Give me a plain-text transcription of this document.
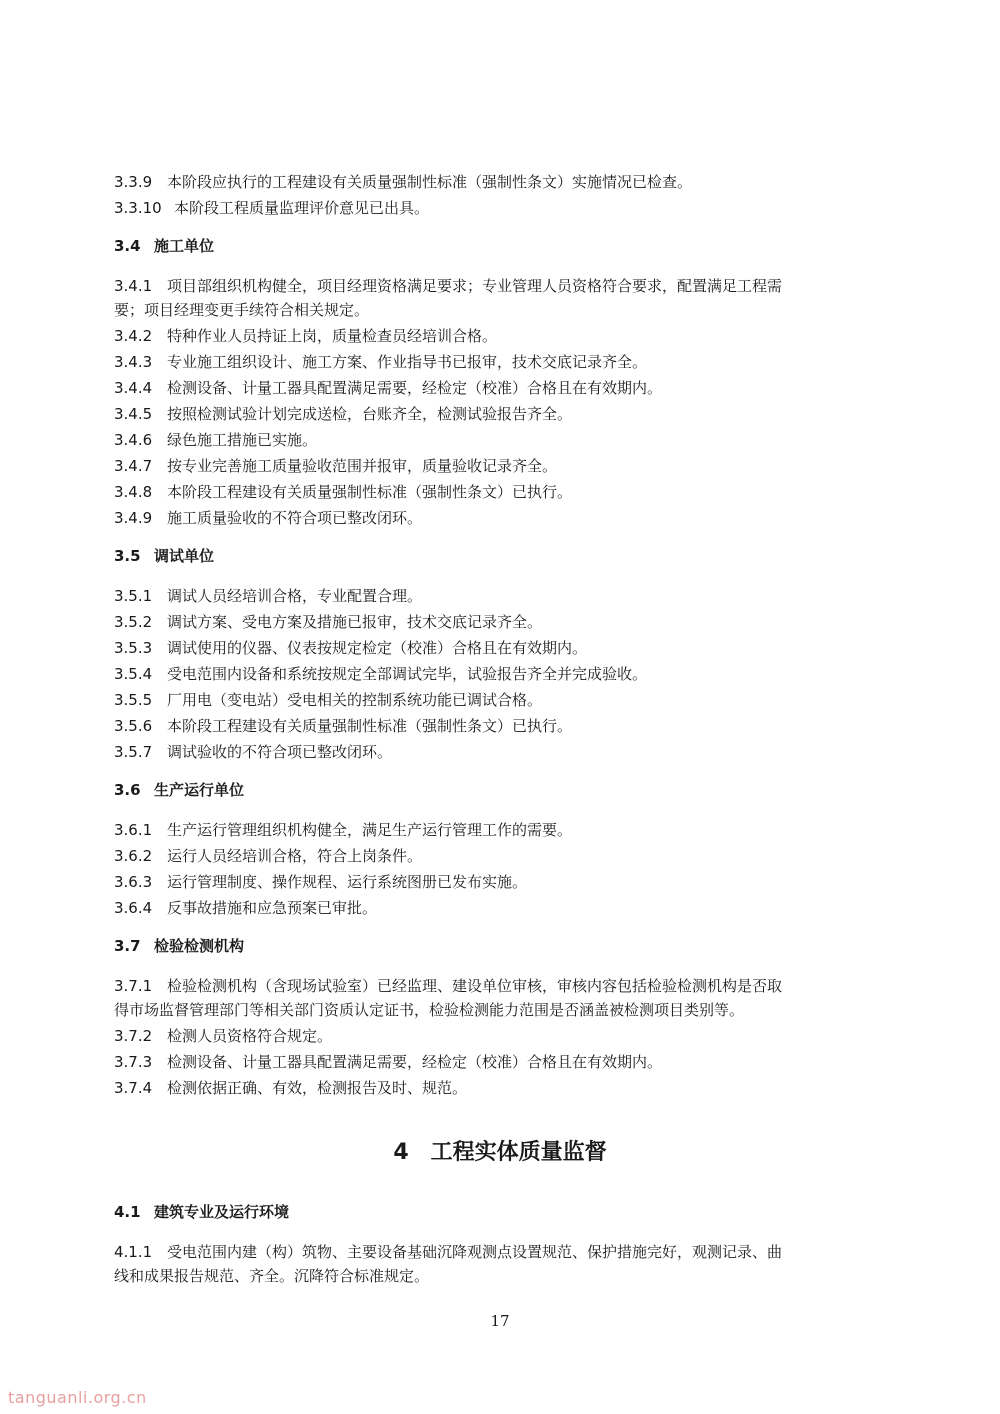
3.3.9 本阶段应执行的工程建设有关质量强制性标准（强制性条文）实施情况已检查。
3.3.10 本阶段工程质量监理评价意见已出具。
3.4 施工单位
3.4.1 项目部组织机构健全，项目经理资格满足要求；专业管理人员资格符合要求，配置满足工程需
要；项目经理变更手续符合相关规定。
3.4.2 特种作业人员持证上岗，质量检查员经培训合格。
3.4.3 专业施工组织设计、施工方案、作业指导书已报审，技术交底记录齐全。
3.4.4 检测设备、计量工器具配置满足需要，经检定（校准）合格且在有效期内。
3.4.5 按照检测试验计划完成送检，台账齐全，检测试验报告齐全。
3.4.6 绿色施工措施已实施。
3.4.7 按专业完善施工质量验收范围并报审，质量验收记录齐全。
3.4.8 本阶段工程建设有关质量强制性标准（强制性条文）已执行。
3.4.9 施工质量验收的不符合项已整改闭环。
3.5 调试单位
3.5.1 调试人员经培训合格，专业配置合理。
3.5.2 调试方案、受电方案及措施已报审，技术交底记录齐全。
3.5.3 调试使用的仪器、仪表按规定检定（校准）合格且在有效期内。
3.5.4 受电范围内设备和系统按规定全部调试完毕，试验报告齐全并完成验收。
3.5.5 厂用电（变电站）受电相关的控制系统功能已调试合格。
3.5.6 本阶段工程建设有关质量强制性标准（强制性条文）已执行。
3.5.7 调试验收的不符合项已整改闭环。
3.6 生产运行单位
3.6.1 生产运行管理组织机构健全，满足生产运行管理工作的需要。
3.6.2 运行人员经培训合格，符合上岗条件。
3.6.3 运行管理制度、操作规程、运行系统图册已发布实施。
3.6.4 反事故措施和应急预案已审批。
3.7 检验检测机构
3.7.1 检验检测机构（含现场试验室）已经监理、建设单位审核，审核内容包括检验检测机构是否取
得市场监督管理部门等相关部门资质认定证书，检验检测能力范围是否涵盖被检测项目类别等。
3.7.2 检测人员资格符合规定。
3.7.3 检测设备、计量工器具配置满足需要，经检定（校准）合格且在有效期内。
3.7.4 检测依据正确、有效，检测报告及时、规范。
4.1 建筑专业及运行环境
4.1.1 受电范围内建（构）筑物、主要设备基础沉降观测点设置规范、保护措施完好，观测记录、曲
线和成果报告规范、齐全。沉降符合标准规定。
4 工程实体质量监督
17
tanguanli.org.cn
